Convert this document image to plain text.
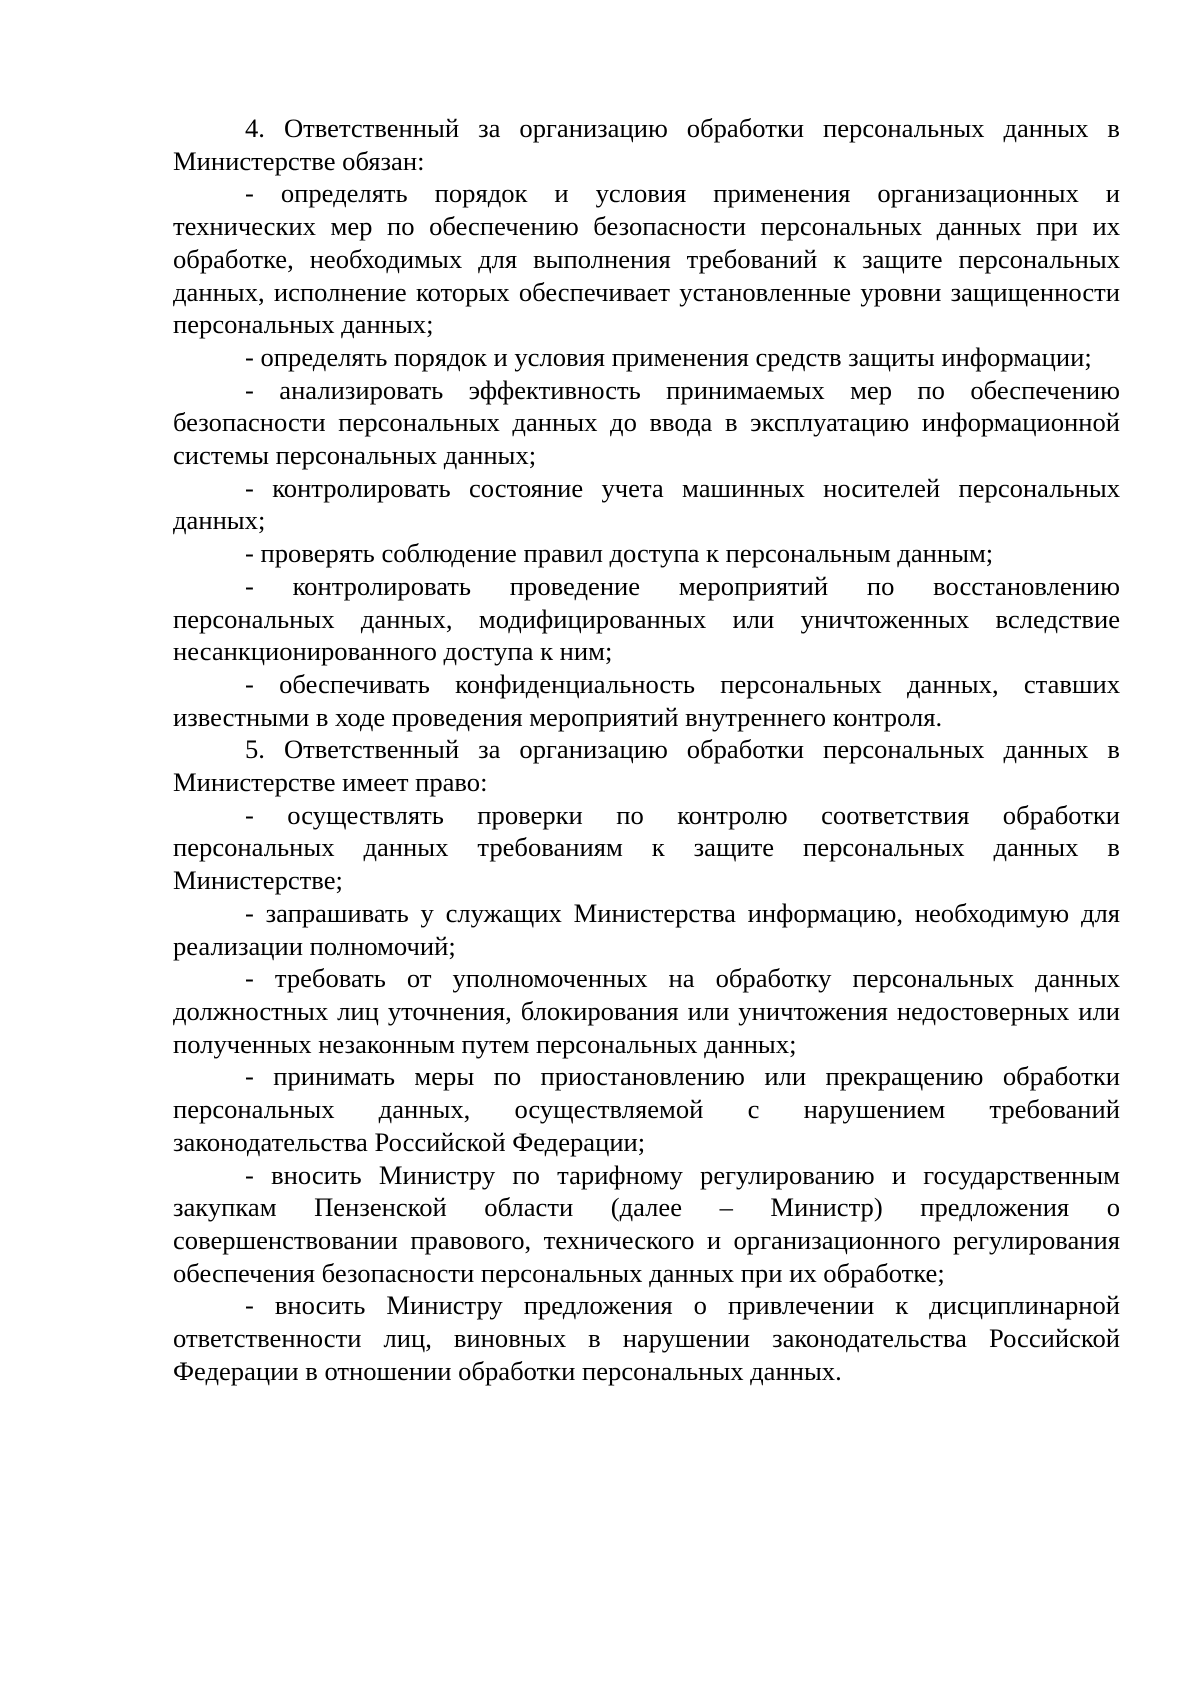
4. Ответственный за организацию обработки персональных данных в Министерстве обязан:

- определять порядок и условия применения организационных и технических мер по обеспечению безопасности персональных данных при их обработке, необходимых для выполнения требований к защите персональных данных, исполнение которых обеспечивает установленные уровни защищенности персональных данных;

- определять порядок и условия применения средств защиты информации;

- анализировать эффективность принимаемых мер по обеспечению безопасности персональных данных до ввода в эксплуатацию информационной системы персональных данных;

- контролировать состояние учета машинных носителей персональных данных;

- проверять соблюдение правил доступа к персональным данным;

- контролировать проведение мероприятий по восстановлению персональных данных, модифицированных или уничтоженных вследствие несанкционированного доступа к ним;

- обеспечивать конфиденциальность персональных данных, ставших известными в ходе проведения мероприятий внутреннего контроля.

5. Ответственный за организацию обработки персональных данных в Министерстве имеет право:

- осуществлять проверки по контролю соответствия обработки персональных данных требованиям к защите персональных данных в Министерстве;

- запрашивать у служащих Министерства информацию, необходимую для реализации полномочий;

- требовать от уполномоченных на обработку персональных данных должностных лиц уточнения, блокирования или уничтожения недостоверных или полученных незаконным путем персональных данных;

- принимать меры по приостановлению или прекращению обработки персональных данных, осуществляемой с нарушением требований законодательства Российской Федерации;

- вносить Министру по тарифному регулированию и государственным закупкам Пензенской области (далее – Министр) предложения о совершенствовании правового, технического и организационного регулирования обеспечения безопасности персональных данных при их обработке;

- вносить Министру предложения о привлечении к дисциплинарной ответственности лиц, виновных в нарушении законодательства Российской Федерации в отношении обработки персональных данных.
